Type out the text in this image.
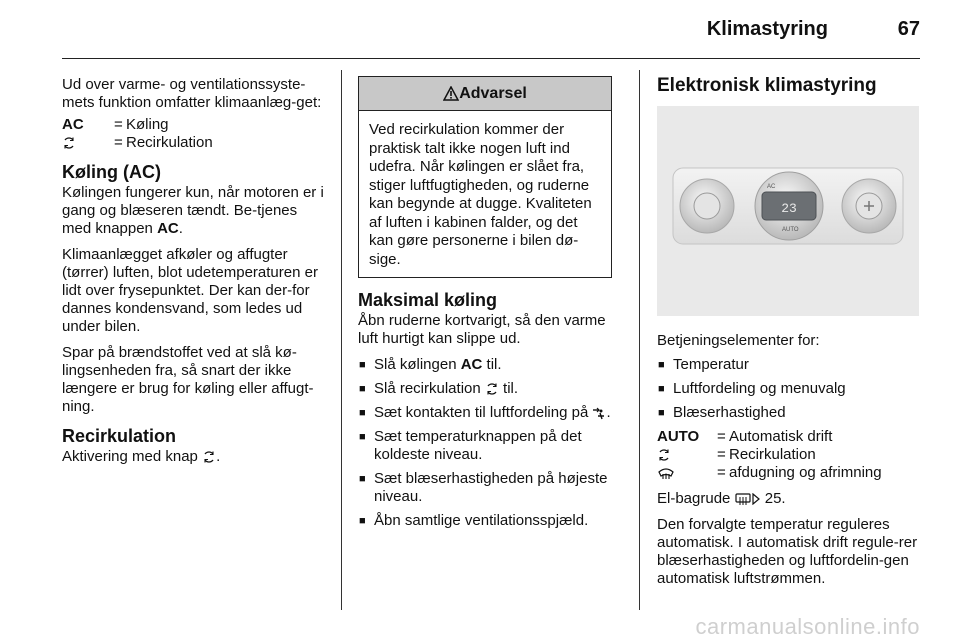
Klimastyring	67

Ud over varme- og ventilationssyste-mets funktion omfatter klimaanlæg-get:

AC	= Køling
= Recirkulation
Køling (AC)

Kølingen fungerer kun, når motoren er i gang og blæseren tændt. Be-tjenes med knappen AC.

Klimaanlægget afkøler og affugter (tørrer) luften, blot udetemperaturen er lidt over frysepunktet. Der kan der-for dannes kondensvand, som ledes ud under bilen.

Spar på brændstoffet ved at slå kø-lingsenheden fra, så snart der ikke længere er brug for køling eller affugt-ning.

Recirkulation

Aktivering med knap .

Advarsel
Ved recirkulation kommer der praktisk talt ikke nogen luft ind udefra. Når kølingen er slået fra, stiger luftfugtigheden, og ruderne kan begynde at dugge. Kvaliteten af luften i kabinen falder, og det kan gøre personerne i bilen dø-sige.
Maksimal køling

Åbn ruderne kortvarigt, så den varme luft hurtigt kan slippe ud.

■ Slå kølingen AC til.
■ Slå recirkulation  til.
■ Sæt kontakten til luftfordeling på .
■ Sæt temperaturknappen på det koldeste niveau.
■ Sæt blæserhastigheden på højeste niveau.
■ Åbn samtlige ventilationsspjæld.
Elektronisk klimastyring
23
AC
AUTO

Betjeningselementer for:

■ Temperatur
■ Luftfordeling og menuvalg
■ Blæserhastighed
AUTO	= Automatisk drift
= Recirkulation
= afdugning og afrimning

El-bagrude  25.

Den forvalgte temperatur reguleres automatisk. I automatisk drift regule-rer blæserhastigheden og luftfordelin-gen automatisk luftstrømmen.

carmanualsonline.info
